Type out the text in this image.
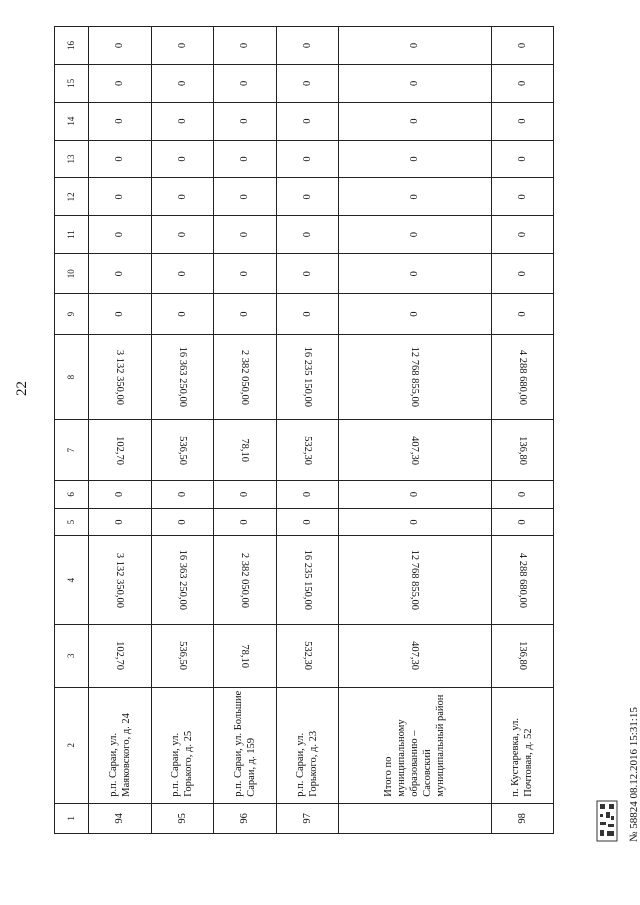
22
1	2	3	4	5	6	7	8	9	10	11	12	13	14	15	16
94	р.п. Сараи, ул. Маяковского, д. 24	102,70	3 132 350,00	0	0	102,70	3 132 350,00	0	0	0	0	0	0	0	0
95	р.п. Сараи, ул. Горького, д. 25	536,50	16 363 250,00	0	0	536,50	16 363 250,00	0	0	0	0	0	0	0	0
96	р.п. Сараи, ул. Большие Сараи, д. 159	78,10	2 382 050,00	0	0	78,10	2 382 050,00	0	0	0	0	0	0	0	0
97	р.п. Сараи, ул. Горького, д. 23	532,30	16 235 150,00	0	0	532,30	16 235 150,00	0	0	0	0	0	0	0	0
	Итого по муниципальному образованию – Сасовский муниципальный район	407,30	12 768 855,00	0	0	407,30	12 768 855,00	0	0	0	0	0	0	0	0
98	п. Кустаревка, ул. Почтовая, д. 52	136,80	4 288 680,00	0	0	136,80	4 288 680,00	0	0	0	0	0	0	0	0
№ 58824 08.12.2016 15:31:15
